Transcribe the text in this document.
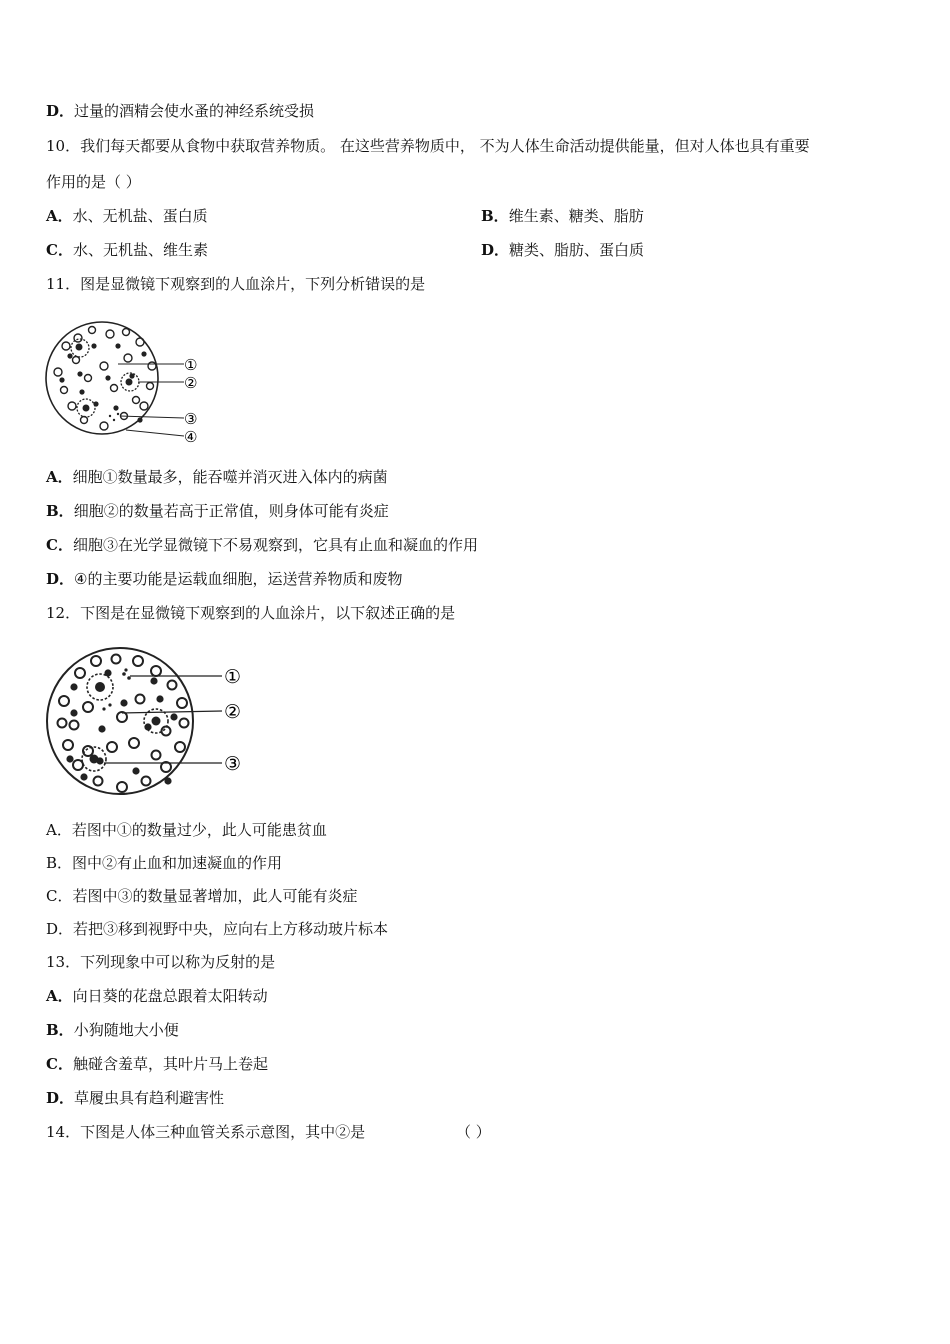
D．过量的酒精会使水蚤的神经系统受损
10．我们每天都要从食物中获取营养物质。 在这些营养物质中， 不为人体生命活动提供能量，但对人体也具有重要
作用的是（ ）
A．水、无机盐、蛋白质	B．维生素、糖类、脂肪
C．水、无机盐、维生素	D．糖类、脂肪、蛋白质
11．图是显微镜下观察到的人血涂片，下列分析错误的是
①
②
③
④
A．细胞①数量最多，能吞噬并消灭进入体内的病菌
B．细胞②的数量若高于正常值，则身体可能有炎症
C．细胞③在光学显微镜下不易观察到，它具有止血和凝血的作用
D．④的主要功能是运载血细胞，运送营养物质和废物
12．下图是在显微镜下观察到的人血涂片，以下叙述正确的是
①
②
③
A．若图中①的数量过少，此人可能患贫血
B．图中②有止血和加速凝血的作用
C．若图中③的数量显著增加，此人可能有炎症
D．若把③移到视野中央，应向右上方移动玻片标本
13．下列现象中可以称为反射的是
A．向日葵的花盘总跟着太阳转动
B．小狗随地大小便
C．触碰含羞草，其叶片马上卷起
D．草履虫具有趋利避害性
14．下图是人体三种血管关系示意图，其中②是	（ ）
